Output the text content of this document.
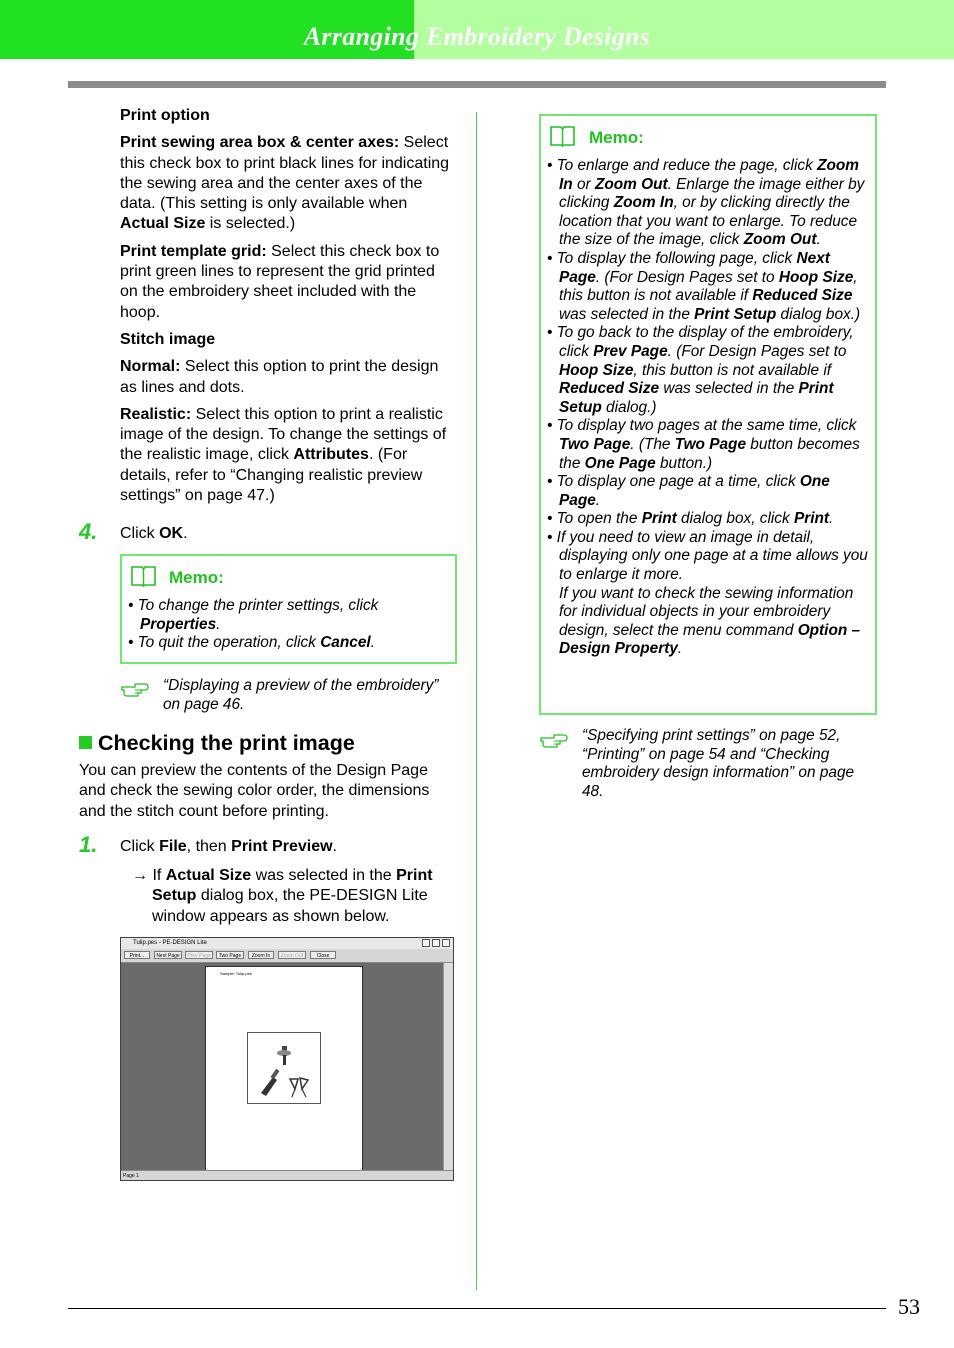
Arranging Embroidery Designs

Print option

Print sewing area box & center axes: Select this check box to print black lines for indicating the sewing area and the center axes of the data. (This setting is only available when Actual Size is selected.)

Print template grid: Select this check box to print green lines to represent the grid printed on the embroidery sheet included with the hoop.

Stitch image

Normal: Select this option to print the design as lines and dots.

Realistic: Select this option to print a realistic image of the design. To change the settings of the realistic image, click Attributes. (For details, refer to “Changing realistic preview settings” on page 47.)

4. Click OK.
Memo:
• To change the printer settings, click Properties.
• To quit the operation, click Cancel.
“Displaying a preview of the embroidery” on page 46.
Checking the print image
You can preview the contents of the Design Page and check the sewing color order, the dimensions and the stitch count before printing.
1. Click File, then Print Preview.
→ If Actual Size was selected in the Print Setup dialog box, the PE-DESIGN Lite window appears as shown below.
Tulip.pes - PE-DESIGN Lite
Print...	Next Page	Prev Page	Two Page	Zoom In	Zoom Out	Close
Sample: Tulip.pes
Page 1
Memo:
• To enlarge and reduce the page, click Zoom In or Zoom Out. Enlarge the image either by clicking Zoom In, or by clicking directly the location that you want to enlarge. To reduce the size of the image, click Zoom Out.
• To display the following page, click Next Page. (For Design Pages set to Hoop Size, this button is not available if Reduced Size was selected in the Print Setup dialog box.)
• To go back to the display of the embroidery, click Prev Page. (For Design Pages set to Hoop Size, this button is not available if Reduced Size was selected in the Print Setup dialog.)
• To display two pages at the same time, click Two Page. (The Two Page button becomes the One Page button.)
• To display one page at a time, click One Page.
• To open the Print dialog box, click Print.
• If you need to view an image in detail, displaying only one page at a time allows you to enlarge it more.
If you want to check the sewing information for individual objects in your embroidery design, select the menu command Option – Design Property.
“Specifying print settings” on page 52, “Printing” on page 54 and “Checking embroidery design information” on page 48.
53
